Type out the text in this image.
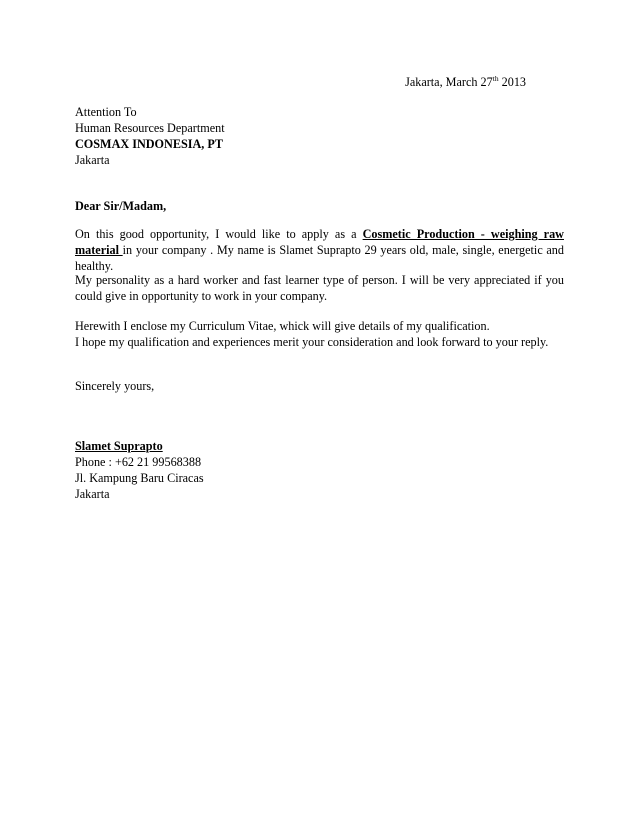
Jakarta, March 27th 2013
Attention To
Human Resources Department
COSMAX INDONESIA, PT
Jakarta
Dear Sir/Madam,

On this good opportunity, I would like to apply as a Cosmetic Production - weighing raw material in your company . My name is Slamet Suprapto 29 years old, male, single, energetic and healthy.

My personality as a hard worker and fast learner type of person. I will be very appreciated if you could give in opportunity to work in your company.

Herewith I enclose my Curriculum Vitae, whick will give details of my qualification.
I hope my qualification and experiences merit your consideration and look forward to your reply.
Sincerely yours,
Slamet Suprapto
Phone : +62 21 99568388
Jl. Kampung Baru Ciracas
Jakarta
